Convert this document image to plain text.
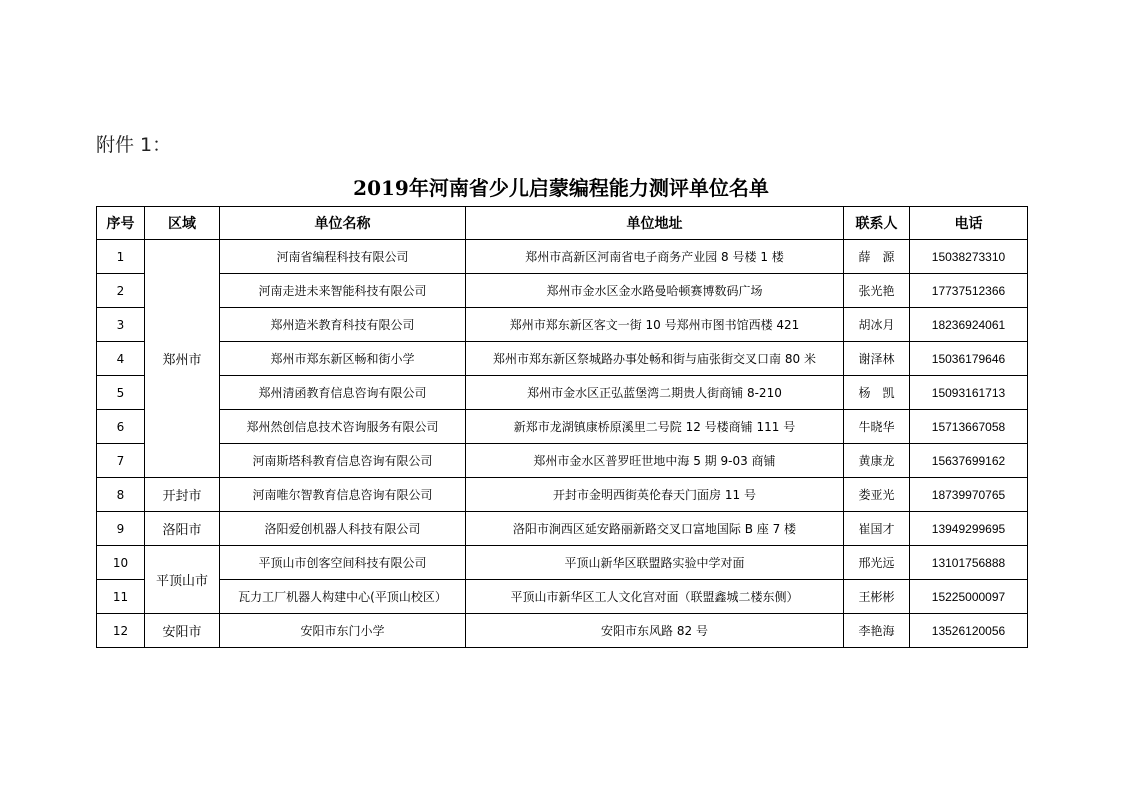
附件 1：
2019年河南省少儿启蒙编程能力测评单位名单
序号	区域	单位名称	单位地址	联系人	电话
1	郑州市	河南省编程科技有限公司	郑州市高新区河南省电子商务产业园 8 号楼 1 楼	薛　源	15038273310
2		河南走进未来智能科技有限公司	郑州市金水区金水路曼哈顿赛博数码广场	张光艳	17737512366
3		郑州造米教育科技有限公司	郑州市郑东新区客文一街 10 号郑州市图书馆西楼 421	胡冰月	18236924061
4		郑州市郑东新区畅和街小学	郑州市郑东新区祭城路办事处畅和街与庙张街交叉口南 80 米	谢泽林	15036179646
5		郑州清函教育信息咨询有限公司	郑州市金水区正弘蓝堡湾二期贵人街商铺 8-210	杨　凯	15093161713
6		郑州然创信息技术咨询服务有限公司	新郑市龙湖镇康桥原溪里二号院 12 号楼商铺 111 号	牛晓华	15713667058
7		河南斯塔科教育信息咨询有限公司	郑州市金水区普罗旺世地中海 5 期 9-03 商铺	黄康龙	15637699162
8	开封市	河南唯尔智教育信息咨询有限公司	开封市金明西街英伦春天门面房 11 号	娄亚光	18739970765
9	洛阳市	洛阳爱创机器人科技有限公司	洛阳市涧西区延安路丽新路交叉口富地国际 B 座 7 楼	崔国才	13949299695
10	平顶山市	平顶山市创客空间科技有限公司	平顶山新华区联盟路实验中学对面	邢光远	13101756888
11		瓦力工厂机器人构建中心(平顶山校区）	平顶山市新华区工人文化宫对面（联盟鑫城二楼东侧）	王彬彬	15225000097
12	安阳市	安阳市东门小学	安阳市东风路 82 号	李艳海	13526120056
